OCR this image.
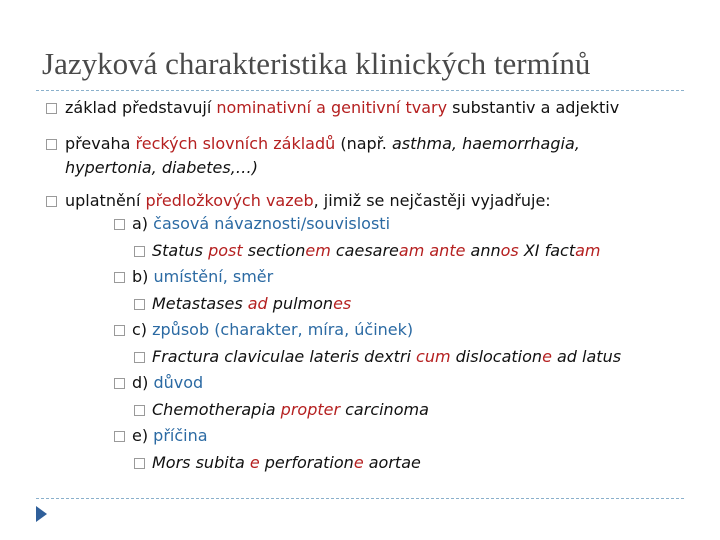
Jazyková charakteristika klinických termínů
základ představují nominativní a genitivní tvary substantiv a adjektiv
převaha řeckých slovních základů (např. asthma, haemorrhagia,
hypertonia, diabetes,…)
uplatnění předložkových vazeb, jimiž se nejčastěji vyjadřuje:
a) časová návaznosti/souvislosti
Status post sectionem caesaream ante annos XI factam
b) umístění, směr
Metastases ad pulmones
c) způsob (charakter, míra, účinek)
Fractura claviculae lateris dextri cum dislocatione ad latus
d) důvod
Chemotherapia propter carcinoma
e) příčina
Mors subita e perforatione aortae
